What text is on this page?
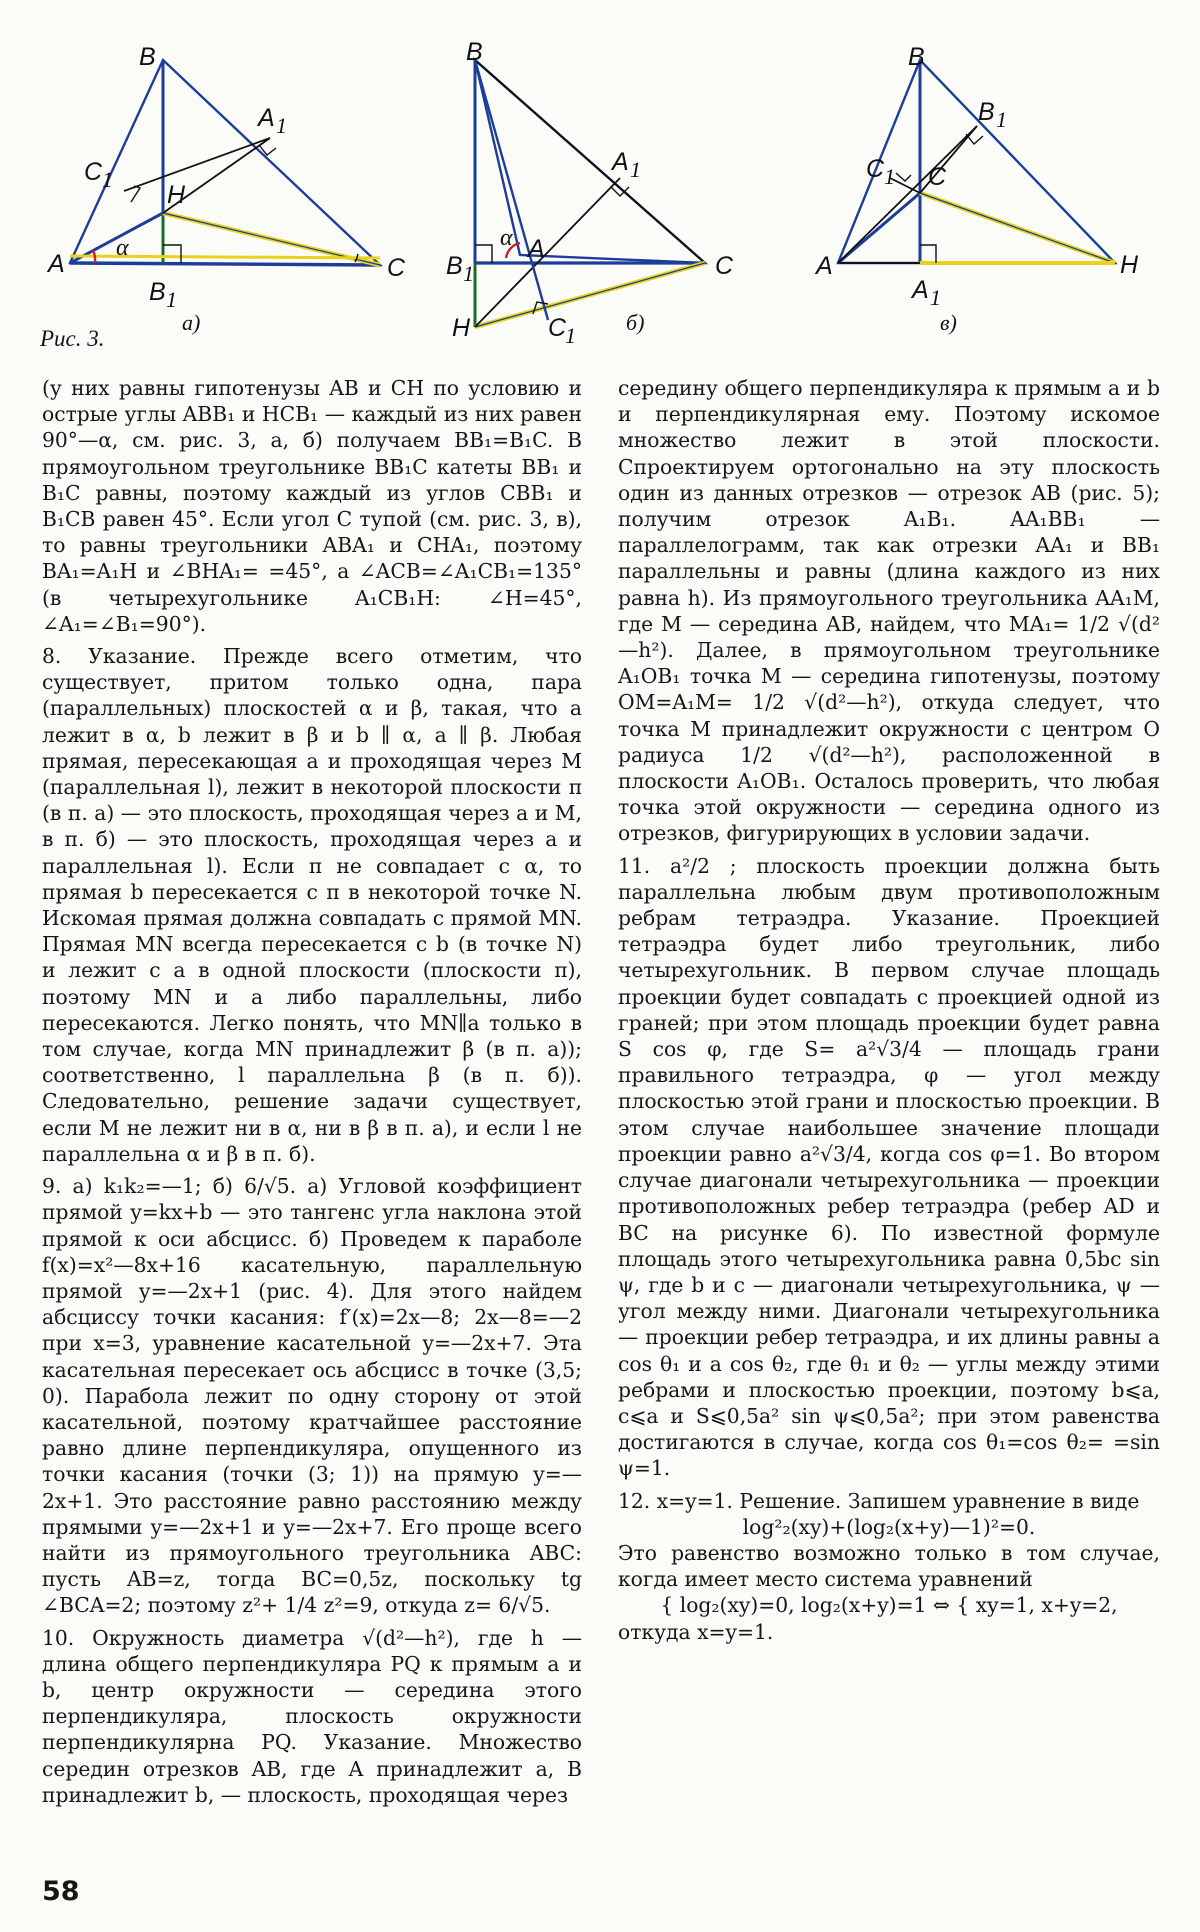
B
A	C
H
A 1
B 1
C 1
α
а)
B
A
C
H
A 1
B 1
C
1
α
б)
B
A
C
H
A 1
B 1
C 1
в)
Рис. 3.

(у них равны гипотенузы AB и CH по условию и острые углы ABB₁ и HCB₁ — каждый из них равен 90°—α, см. рис. 3, а, б) получаем BB₁=B₁C. В прямоугольном треугольнике BB₁C катеты BB₁ и B₁C равны, поэтому каждый из углов CBB₁ и B₁CB равен 45°. Если угол C тупой (см. рис. 3, в), то равны треугольники ABA₁ и CHA₁, поэтому BA₁=A₁H и ∠BHA₁= =45°, а ∠ACB=∠A₁CB₁=135° (в четырехугольнике A₁CB₁H: ∠H=45°, ∠A₁=∠B₁=90°).

8. Указание. Прежде всего отметим, что существует, притом только одна, пара (параллельных) плоскостей α и β, такая, что a лежит в α, b лежит в β и b ∥ α, a ∥ β. Любая прямая, пересекающая a и проходящая через M (параллельная l), лежит в некоторой плоскости π (в п. а) — это плоскость, проходящая через a и M, в п. б) — это плоскость, проходящая через a и параллельная l). Если π не совпадает с α, то прямая b пересекается с π в некоторой точке N. Искомая прямая должна совпадать с прямой MN. Прямая MN всегда пересекается с b (в точке N) и лежит с a в одной плоскости (плоскости π), поэтому MN и a либо параллельны, либо пересекаются. Легко понять, что MN∥a только в том случае, когда MN принадлежит β (в п. а)); соответственно, l параллельна β (в п. б)). Следовательно, решение задачи существует, если M не лежит ни в α, ни в β в п. а), и если l не параллельна α и β в п. б).

9. а) k₁k₂=—1; б) 6/√5. а) Угловой коэффициент прямой y=kx+b — это тангенс угла наклона этой прямой к оси абсцисс. б) Проведем к параболе f(x)=x²—8x+16 касательную, параллельную прямой y=—2x+1 (рис. 4). Для этого найдем абсциссу точки касания: f′(x)=2x—8; 2x—8=—2 при x=3, уравнение касательной y=—2x+7. Эта касательная пересекает ось абсцисс в точке (3,5; 0). Парабола лежит по одну сторону от этой касательной, поэтому кратчайшее расстояние равно длине перпендикуляра, опущенного из точки касания (точки (3; 1)) на прямую y=—2x+1. Это расстояние равно расстоянию между прямыми y=—2x+1 и y=—2x+7. Его проще всего найти из прямоугольного треугольника ABC: пусть AB=z, тогда BC=0,5z, поскольку tg ∠BCA=2; поэтому z²+ 1/4 z²=9, откуда z= 6/√5.

10. Окружность диаметра √(d²—h²), где h — длина общего перпендикуляра PQ к прямым a и b, центр окружности — середина этого перпендикуляра, плоскость окружности перпендикулярна PQ. Указание. Множество середин отрезков AB, где A принадлежит a, B принадлежит b, — плоскость, проходящая через

середину общего перпендикуляра к прямым a и b и перпендикулярная ему. Поэтому искомое множество лежит в этой плоскости. Спроектируем ортогонально на эту плоскость один из данных отрезков — отрезок AB (рис. 5); получим отрезок A₁B₁. AA₁BB₁ — параллелограмм, так как отрезки AA₁ и BB₁ параллельны и равны (длина каждого из них равна h). Из прямоугольного треугольника AA₁M, где M — середина AB, найдем, что MA₁= 1/2 √(d²—h²). Далее, в прямоугольном треугольнике A₁OB₁ точка M — середина гипотенузы, поэтому OM=A₁M= 1/2 √(d²—h²), откуда следует, что точка M принадлежит окружности с центром O радиуса 1/2 √(d²—h²), расположенной в плоскости A₁OB₁. Осталось проверить, что любая точка этой окружности — середина одного из отрезков, фигурирующих в условии задачи.

11. a²/2 ; плоскость проекции должна быть параллельна любым двум противоположным ребрам тетраэдра. Указание. Проекцией тетраэдра будет либо треугольник, либо четырехугольник. В первом случае площадь проекции будет совпадать с проекцией одной из граней; при этом площадь проекции будет равна S cos φ, где S= a²√3/4 — площадь грани правильного тетраэдра, φ — угол между плоскостью этой грани и плоскостью проекции. В этом случае наибольшее значение площади проекции равно a²√3/4, когда cos φ=1. Во втором случае диагонали четырехугольника — проекции противоположных ребер тетраэдра (ребер AD и BC на рисунке 6). По известной формуле площадь этого четырехугольника равна 0,5bc sin ψ, где b и c — диагонали четырехугольника, ψ — угол между ними. Диагонали четырехугольника — проекции ребер тетраэдра, и их длины равны a cos θ₁ и a cos θ₂, где θ₁ и θ₂ — углы между этими ребрами и плоскостью проекции, поэтому b⩽a, c⩽a и S⩽0,5a² sin ψ⩽0,5a²; при этом равенства достигаются в случае, когда cos θ₁=cos θ₂= =sin ψ=1.

12. x=y=1. Решение. Запишем уравнение в виде

log²₂(xy)+(log₂(x+y)—1)²=0.

Это равенство возможно только в том случае, когда имеет место система уравнений

{ log₂(xy)=0, log₂(x+y)=1 ⇔ { xy=1, x+y=2,

откуда x=y=1.

58
